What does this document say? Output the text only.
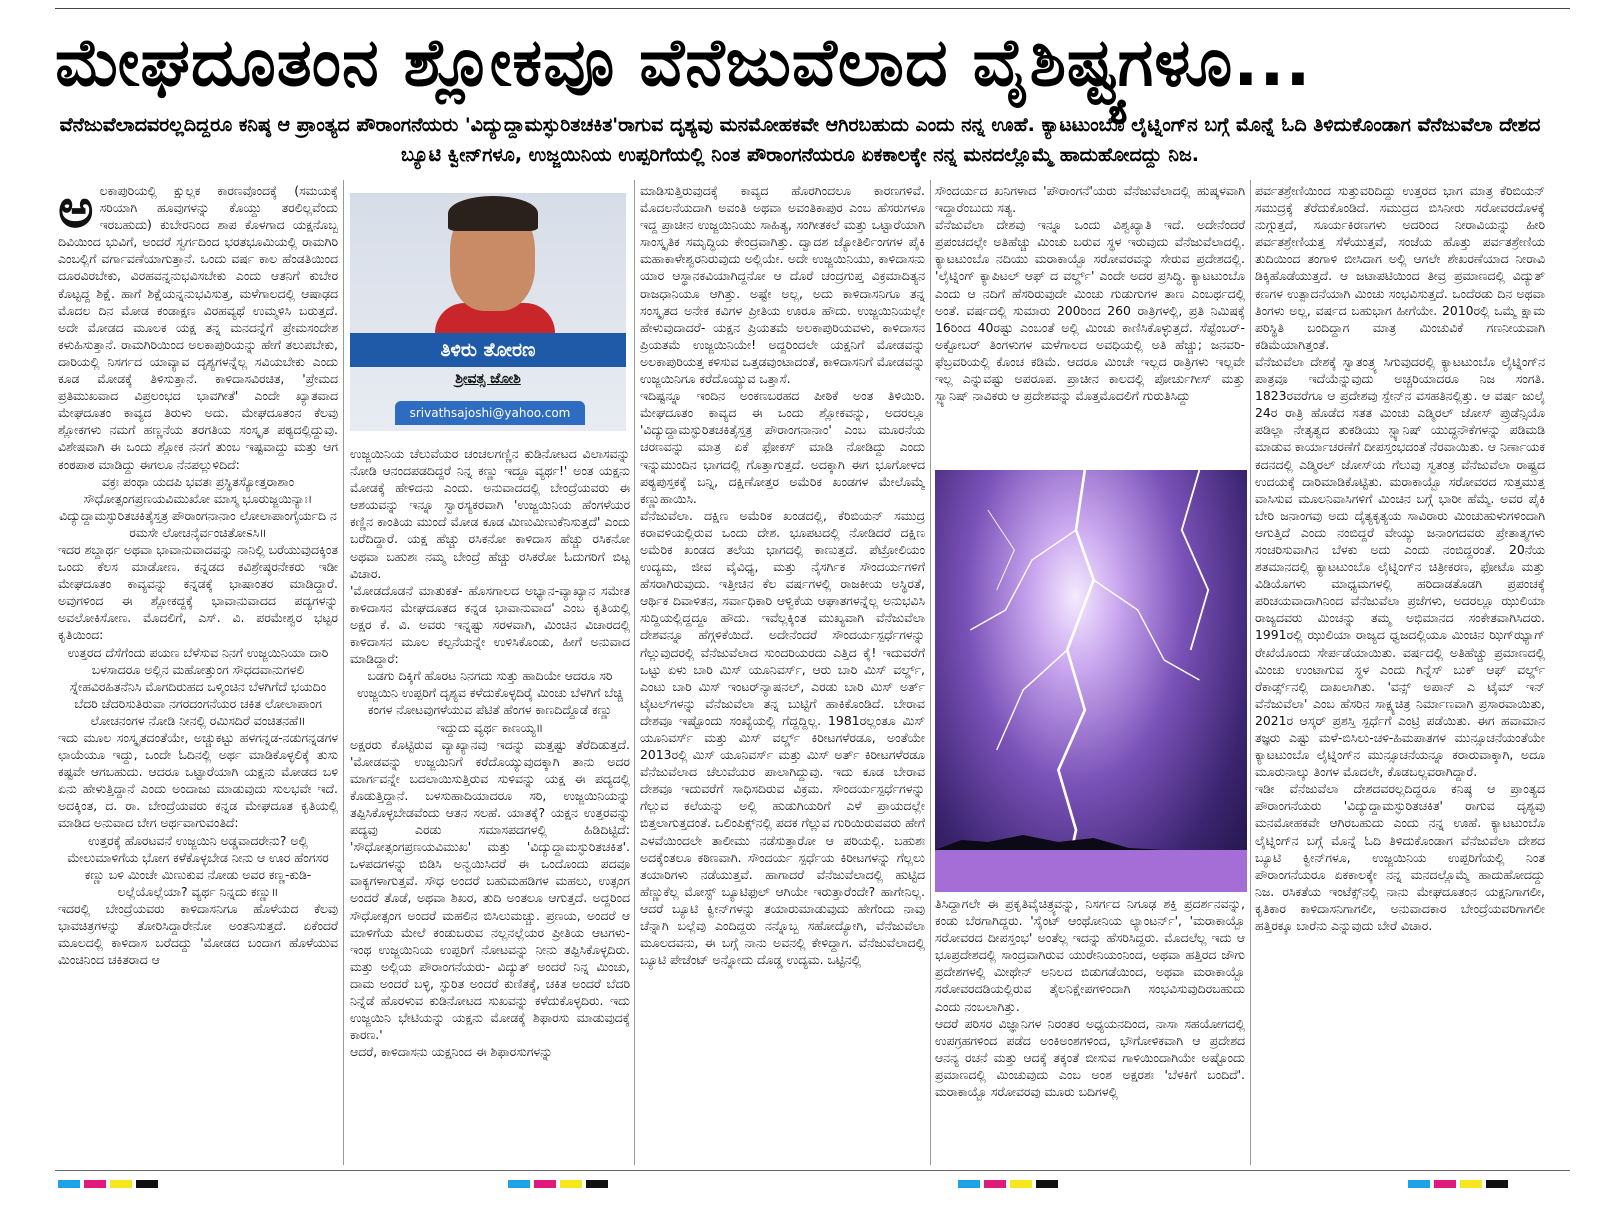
ಮೇಘದೂತಂನ ಶ್ಲೋಕವೂ ವೆನೆಜುವೆಲಾದ ವೈಶಿಷ್ಟ್ಯಗಳೂ...
ವೆನೆಜುವೆಲಾದವರಲ್ಲದಿದ್ದರೂ ಕನಿಷ್ಠ ಆ ಪ್ರಾಂತ್ಯದ ಪೌರಾಂಗನೆಯರು 'ವಿದ್ಯುದ್ದಾಮಸ್ಫುರಿತಚಕಿತ'ರಾಗುವ ದೃಶ್ಯವು ಮನಮೋಹಕವೇ ಆಗಿರಬಹುದು ಎಂದು ನನ್ನ ಊಹೆ. ಕ್ಯಾಟಟುಂಬೊ ಲೈಟ್ನಿಂಗ್‌ನ ಬಗ್ಗೆ ಮೊನ್ನೆ ಓದಿ ತಿಳಿದುಕೊಂಡಾಗ ವೆನೆಜುವೆಲಾ ದೇಶದ ಬ್ಯೂಟಿ ಕ್ವೀನ್‌ಗಳೂ, ಉಜ್ಜಯಿನಿಯ ಉಪ್ಪರಿಗೆಯಲ್ಲಿ ನಿಂತ ಪೌರಾಂಗನೆಯರೂ ಏಕಕಾಲಕ್ಕೇ ನನ್ನ ಮನದಲ್ಲೊಮ್ಮೆ ಹಾದುಹೋದದ್ದು ನಿಜ.
ಅ ಲಕಾಪುರಿಯಲ್ಲಿ ಕ್ಷುಲ್ಲಕ ಕಾರಣವೊಂದಕ್ಕೆ (ಸಮಯಕ್ಕೆ ಸರಿಯಾಗಿ ಹೂವುಗಳನ್ನು ಕೊಯ್ದು ತರಲಿಲ್ಲವೆಂದು ಇರಬಹುದು) ಕುಬೇರನಿಂದ ಶಾಪ ಕೊಳಗಾದ ಯಕ್ಷನೊಬ್ಬ ದಿವಿಯಿಂದ ಭುವಿಗೆ, ಅಂದರೆ ಸ್ವರ್ಗದಿಂದ ಭರತಭೂಮಿಯಲ್ಲಿ ರಾಮಗಿರಿ ಎಂಬಲ್ಲಿಗೆ ವರ್ಗಾವಣೆಯಾಗುತ್ತಾನೆ. ಒಂದು ವರ್ಷ ಕಾಲ ಹೆಂಡತಿಯಿಂದ ದೂರವಿರಬೇಕು, ವಿರಹವನ್ನನುಭವಿಸಬೇಕು ಎಂದು ಆತನಿಗೆ ಕುಬೇರ ಕೊಟ್ಟದ್ದ ಶಿಕ್ಷೆ. ಹಾಗೆ ಶಿಕ್ಷೆಯನ್ನನುಭವಿಸುತ್ತ, ಮಳೆಗಾಲದಲ್ಲಿ ಆಷಾಢದ ಮೊದಲ ದಿನ ಮೋಡ ಕಂಡಾಕ್ಷಣ ವಿರಹವ್ಯಥೆ ಉಮ್ಮಳಿಸಿ ಬರುತ್ತದೆ. ಅದೇ ಮೋಡದ ಮೂಲಕ ಯಕ್ಷ ತನ್ನ ಮನದನ್ನೆಗೆ ಪ್ರೇಮಸಂದೇಶ ಕಳುಹಿಸುತ್ತಾನೆ. ರಾಮಗಿರಿಯಿಂದ ಅಲಕಾಪುರಿಯನ್ನು ಹೇಗೆ ತಲುಪಬೇಕು, ದಾರಿಯಲ್ಲಿ ನಿಸರ್ಗದ ಯಾವ್ಯಾವ ದೃಶ್ಯಗಳನ್ನೆಲ್ಲ ಸವಿಯಬೇಕು ಎಂದು ಕೂಡ ಮೋಡಕ್ಕೆ ತಿಳಿಸುತ್ತಾನೆ. ಕಾಳಿದಾಸವಿರಚಿತ, 'ಪ್ರೇಮದ ಪ್ರತಿಮುಖವಾದ ವಿಪ್ರಲಂಭದ ಭಾವಗೀತೆ' ಎಂದೇ ಖ್ಯಾತವಾದ ಮೇಘದೂತಂ ಕಾವ್ಯದ ತಿರುಳು ಅದು. ಮೇಘದೂತಂನ ಕೆಲವು ಶ್ಲೋಕಗಳು ನಮಗೆ ಹಣ್ಣನೆಯ ತರಗತಿಯ ಸಂಸ್ಕೃತ ಪಠ್ಯದಲ್ಲಿದ್ದುವು. ವಿಶೇಷವಾಗಿ ಈ ಒಂದು ಶ್ಲೋಕ ನನಗೆ ತುಂಬ ಇಷ್ಟವಾದ್ದು ಮತ್ತು ಆಗ ಕಂಠಪಾಠ ಮಾಡಿದ್ದು ಈಗಲೂ ನೆನಪಲ್ಲುಳಿದಿದೆ:

ವಕ್ರಃ ಪಂಥಾ ಯದಪಿ ಭವತಃ ಪ್ರಸ್ಥಿತಸ್ಯೋತ್ತರಾಶಾಂ ಸೌಧೋತ್ಸಂಗಪ್ರಣಯವಿಮುಖೋ ಮಾಸ್ಮ ಭೂರುಜ್ಜಯಿನ್ಯಾಃ। ವಿದ್ಯುದ್ದಾಮಸ್ಫುರಿತಚಕಿತೈಸ್ತತ್ರ ಪೌರಾಂಗನಾನಾಂ ಲೋಲಾಪಾಂಗೈರ್ಯದಿ ನ ರಮಸೇ ಲೋಚನೈರ್ವಂಚಿತೋಽಸಿ॥

ಇದರ ಶಬ್ದಾರ್ಥ ಅಥವಾ ಭಾವಾನುವಾದವನ್ನು ನಾನಿಲ್ಲಿ ಬರೆಯುವುದಕ್ಕಿಂತ ಒಂದು ಕೆಲಸ ಮಾಡೋಣ. ಕನ್ನಡದ ಕವಿಶ್ರೇಷ್ಠರನೇಕರು ಇಡೀ ಮೇಘದೂತಂ ಕಾವ್ಯವನ್ನು ಕನ್ನಡಕ್ಕೆ ಭಾಷಾಂತರ ಮಾಡಿದ್ದಾರೆ. ಅವುಗಳಿಂದ ಈ ಶ್ಲೋಕದ್ದಕ್ಕೆ ಭಾವಾನುವಾದದ ಪದ್ಯಗಳನ್ನು ಅವಲೋಕಿಸೋಣ. ಮೊದಲಿಗೆ, ಎಸ್. ವಿ. ಪರಮೇಶ್ವರ ಭಟ್ಟರ ಕೃತಿಯಿಂದ:

ಉತ್ತರದ ದೆಸೆಗೆಂದು ಪಯಣ ಬೆಳೆಸುವ ನಿನಗೆ ಉಜ್ಜಯಿನಿಯಾ ದಾರಿ ಬಳಸಾದರೂ ಅಲ್ಲಿನ ಮಹೋತ್ತುಂಗ ಸೌಧದವಾನುಗಳಲಿ ಸ್ನೇಹವಿರಹಿತನೆನಿಸಿ ಮೊಗದಿರುಹದ ಒಳ್ಮಿಂಚಿನ ಬೆಳಗಿಗೆದೆ ಭಯದಿಂ ಬೆದರಿ ಚೆದರಿಸುತಿರುವಾ ನಗರದಂಗನೆಯರ ಚಕಿತ ಲೋಲಾಪಾಂಗ ಲೋಚನಂಗಳ ನೋಡಿ ನೀನಲ್ಲಿ ರಮಿಸದಿರೆ ವಂಚಿತನಹೆ॥

ಇದು ಮೂಲ ಸಂಸ್ಕೃತದಂತೆಯೇ, ಅಚ್ಚುಕಟ್ಟು ಹಳಗನ್ನಡ-ನಡುಗನ್ನಡಗಳ ಛಾಯೆಯೂ ಇದ್ದು, ಒಂದೇ ಓದಿನಲ್ಲಿ ಅರ್ಥ ಮಾಡಿಕೊಳ್ಳಲಿಕ್ಕೆ ತುಸು ಕಷ್ಟವೇ ಆಗಬಹುದು. ಆದರೂ ಒಟ್ಟಾರೆಯಾಗಿ ಯಕ್ಷನು ಮೋಡದ ಬಳಿ ಏನು ಹೇಳುತ್ತಿದ್ದಾನೆ ಎಂದು ಅಂದಾಜು ಮಾಡುವುದು ಸುಲಭವೇ ಇದೆ. ಅದಕ್ಕಿಂತ, ದ. ರಾ. ಬೇಂದ್ರೆಯವರು ಕನ್ನಡ ಮೇಘದೂತ ಕೃತಿಯಲ್ಲಿ ಮಾಡಿದ ಅನುವಾದ ಬೇಗ ಅರ್ಥವಾಗುವಂತಿದೆ:

ಉತ್ತರಕ್ಕೆ ಹೊರಟವನೆ ಉಜ್ಜಯಿನಿ ಅಡ್ಡವಾದರೇನು? ಅಲ್ಲಿ ಮೇಲುಮಾಳಿಗೆಯ ಭೋಗ ಕಳೆಕೊಳ್ಳಬೇಡ ನೀನು ಆ ಊರ ಹೆಂಗಸರ ಕಣ್ಣು ಬಳಿ ಮಿಂಚೇ ಮಿಣುಕುವ ನೋಡು ಅವರ ಕಣ್ಣ-ಕುಡಿ-ಲಲ್ಲೆಯೊಲ್ಲೆಯಾ? ವ್ಯರ್ಥ ನಿನ್ನದು ಕಣ್ಣು॥

ಇದರಲ್ಲಿ ಬೇಂದ್ರೆಯವರು ಕಾಳಿದಾಸನಿಗೂ ಹೊಳೆಯದ ಕೆಲವು ಭಾವಚಿತ್ರಗಳನ್ನು ತೋರಿಸಿದ್ದಾರೇನೋ ಅಂತನಿಸುತ್ತದೆ. ಏಕೆಂದರೆ ಮೂಲದಲ್ಲಿ ಕಾಳಿದಾಸ ಬರೆದದ್ದು 'ಮೋಡದ ಬಂದಾಗ ಹೊಳೆಯುವ ಮಿಂಚಿನಿಂದ ಚಕಿತರಾದ ಆ

ತಿಳಿರು ತೋರಣ
ಶ್ರೀವತ್ಸ ಜೋಶಿ
srivathsajoshi@yahoo.com

ಉಜ್ಜಯಿನಿಯ ಚೆಲುವೆಯರ ಚಂಚಲಗಣ್ಣಿನ ಕುಡಿನೋಟದ ವಿಲಾಸವನ್ನು ನೋಡಿ ಆನಂದಪಡದಿದ್ದರೆ ನಿನ್ನ ಕಣ್ಣು ಇದ್ದೂ ವ್ಯರ್ಥ!' ಅಂತ ಯಕ್ಷನು ಮೋಡಕ್ಕೆ ಹೇಳಿದನು ಎಂದು. ಅನುವಾದದಲ್ಲಿ ಬೇಂದ್ರೆಯವರು ಈ ಆಶಯವನ್ನು ಇನ್ನೂ ಸ್ವಾರಸ್ಯಕರವಾಗಿ 'ಉಜ್ಜಯಿನಿಯ ಹೆಂಗಳೆಯರ ಕಣ್ಣಿನ ಕಾಂತಿಯ ಮುಂದೆ ಮೋಡ ಕೂಡ ಮಿಣುಮಿಣುಕೆನಿಸುತ್ತದೆ' ಎಂದು ಬರೆದಿದ್ದಾರೆ. ಯಕ್ಷ ಹೆಚ್ಚು ರಸಿಕನೋ ಕಾಳಿದಾಸ ಹೆಚ್ಚು ರಸಿಕನೋ ಅಥವಾ ಬಹುಶಃ ನಮ್ಮ ಬೇಂದ್ರೆ ಹೆಚ್ಚು ರಸಿಕರೋ ಓದುಗರಿಗೆ ಬಿಟ್ಟ ವಿಚಾರ.

'ಮೋಡದೊಡನೆ ಮಾತುಕತೆ- ಹೊಸಗಾಲದ ಅಭ್ಯಾನ-ವ್ಯಾಖ್ಯಾನ ಸಮೇತ ಕಾಳಿದಾಸನ ಮೇಘದೂತದ ಕನ್ನಡ ಭಾವಾನುವಾದ' ಎಂಬ ಕೃತಿಯಲ್ಲಿ ಅಕ್ಷರ ಕೆ. ವಿ. ಅವರು ಇನ್ನಷ್ಟು ಸರಳವಾಗಿ, ಮಿಂಚಿನ ವಿಚಾರದಲ್ಲಿ ಕಾಳಿದಾಸನ ಮೂಲ ಕಲ್ಪನೆಯನ್ನೇ ಉಳಿಸಿಕೊಂಡು, ಹೀಗೆ ಅನುವಾದ ಮಾಡಿದ್ದಾರೆ:

ಬಡಗು ದಿಕ್ಕಿಗೆ ಹೊರಟ ನಿನಗದು ಸುತ್ತು ಹಾದಿಯೇ ಆದರೂ ಸರಿ ಉಜ್ಜಯಿನಿ ಉಪ್ಪರಿಗೆ ದೃಶ್ಯವ ಕಳೆದುಕೊಳ್ಳದಿರೈ ಮಿಂಚು ಬೆಳಗಿಗೆ ಬೆಚ್ಚಿ ಕಂಗಳ ನೋಟವುಗಳೆಯುವ ಪೆಟಿತೆ ಹೆಂಗಳ ಕಾಣದಿದ್ದೊಡೆ ಕಣ್ಣು ಇದ್ದುದು ವ್ಯರ್ಥ ಕಾಣಯ್ಯ॥

ಅಕ್ಷರರು ಕೊಟ್ಟಿರುವ ವ್ಯಾಖ್ಯಾನವು ಇದನ್ನು ಮತ್ತಷ್ಟು ತೆರೆದಿಡುತ್ತದೆ. 'ಮೋಡವನ್ನು ಉಜ್ಜಯಿನಿಗೆ ಕರೆದೊಯ್ಯುವುದಕ್ಕಾಗಿ ತಾನು ಅದರ ಮಾರ್ಗವನ್ನೇ ಬದಲಾಯಿಸುತ್ತಿರುವ ಸುಳಿವನ್ನು ಯಕ್ಷ ಈ ಪದ್ಯದಲ್ಲಿ ಕೊಡುತ್ತಿದ್ದಾನೆ. ಬಳಸುಹಾದಿಯಾದರೂ ಸರಿ, ಉಜ್ಜಯಿನಿಯನ್ನು ತಪ್ಪಿಸಿಕೊಳ್ಳಬೇಡವೆಂದು ಆತನ ಸಲಹೆ. ಯಾತಕ್ಕೆ? ಯಕ್ಷನ ಉತ್ತರವನ್ನು ಪದ್ಯವು ಎರಡು ಸಮಾಸಪದಗಳಲ್ಲಿ ಹಿಡಿದಿಟ್ಟಿದೆ: 'ಸೌಧೋತ್ಸಂಗಪ್ರಣಯವಿಮುಖ' ಮತ್ತು 'ವಿದ್ಯುದ್ದಾಮಸ್ಫುರಿತಚಕಿತ'. ಒಳಪದಗಳನ್ನು ಬಿಡಿಸಿ ಅನ್ವಯಿಸಿದರೆ ಈ ಒಂದೊಂದು ಪದವೂ ವಾಕ್ಯಗಳಾಗುತ್ತವೆ. ಸೌಧ ಅಂದರೆ ಬಹುಮಹಡಿಗಳ ಮಹಲು, ಉತ್ಸಂಗ ಅಂದರೆ ತೊಡೆ, ಅಥವಾ ಶಿಖರ, ತುದಿ ಅಂತಲೂ ಆಗುತ್ತದೆ. ಅದ್ದರಿಂದ ಸೌಧೋತ್ಸಂಗ ಅಂದರೆ ಮಹಲಿನ ಬಿಸಿಲುಮಚ್ಚು. ಪ್ರಣಯ, ಅಂದರೆ ಆ ಮಾಳಿಗೆಯ ಮೇಲೆ ಕಂಡುಬರುವ ನಲ್ಲನಲ್ಲೆಯರ ಪ್ರೀತಿಯ ಆಟಗಳು- ಇಂಥ ಉಜ್ಜಯಿನಿಯ ಉಪ್ಪರಿಗೆ ನೋಟವನ್ನು ನೀನು ತಪ್ಪಿಸಿಕೊಳ್ಳದಿರು. ಮತ್ತು ಅಲ್ಲಿಯ ಪೌರಾಂಗನೆಯರು- ವಿದ್ಯುತ್ ಅಂದರೆ ನಿನ್ನ ಮಿಂಚು, ದಾಮ ಅಂದರೆ ಬಳ್ಳಿ, ಸ್ಫುರಿತ ಅಂದರೆ ಕುಣಿತಕ್ಕೆ, ಚಕಿತ ಅಂದರೆ ಬೆದರಿ ನಿನ್ನೆಡೆ ಹೊರಳುವ ಕುಡಿನೋಟದ ಸುಖವನ್ನು ಕಳೆದುಕೊಳ್ಳದಿರು. ಇದು ಉಜ್ಜಯಿನಿ ಭೇಟಿಯನ್ನು ಯಕ್ಷನು ಮೋಡಕ್ಕೆ ಶಿಫಾರಸು ಮಾಡುವುದಕ್ಕೆ ಕಾರಣ.'

ಆದರೆ, ಕಾಳಿದಾಸನು ಯಕ್ಷನಿಂದ ಈ ಶಿಫಾರಸುಗಳನ್ನು

ಮಾಡಿಸುತ್ತಿರುವುದಕ್ಕೆ ಕಾವ್ಯದ ಹೊರಗಿಂದಲೂ ಕಾರಣಗಳಿವೆ. ಮೊದಲನೆಯದಾಗಿ ಅವಂತಿ ಅಥವಾ ಅವಂತಿಕಾಪುರ ಎಂಬ ಹೆಸರುಗಳೂ ಇದ್ದ ಪ್ರಾಚೀನ ಉಜ್ಜಯಿನಿಯು ಸಾಹಿತ್ಯ, ಸಂಗೀತಕಲೆ ಮತ್ತು ಒಟ್ಟಾರೆಯಾಗಿ ಸಾಂಸ್ಕೃತಿಕ ಸಮೃದ್ಧಿಯ ಕೇಂದ್ರವಾಗಿತ್ತು. ದ್ವಾದಶ ಜ್ಯೋತಿರ್ಲಿಂಗಗಳ ಪೈಕಿ ಮಹಾಕಾಳೇಶ್ವರನಿರುವುದು ಅಲ್ಲಿಯೇ. ಅದೇ ಉಜ್ಜಯಿನಿಯು, ಕಾಳಿದಾಸನು ಯಾರ ಆಸ್ಥಾನಕವಿಯಾಗಿದ್ದನೋ ಆ ದೊರೆ ಚಂದ್ರಗುಪ್ತ ವಿಕ್ರಮಾದಿತ್ಯನ ರಾಜಧಾನಿಯೂ ಆಗಿತ್ತು. ಅಷ್ಟೇ ಅಲ್ಲ, ಅದು ಕಾಳಿದಾಸನಿಗೂ ತನ್ನ ಸಂಸ್ಕೃತದ ಅನೇಕ ಕವಿಗಳ ಪ್ರೀತಿಯ ಊರೂ ಹೌದು. ಉಜ್ಜಯಿನಿಯಲ್ಲೇ ಹೇಳುವುದಾದರೆ- ಯಕ್ಷನ ಪ್ರಿಯತಮೆ ಅಲಕಾಪುರಿಯವಳು, ಕಾಳಿದಾಸನ ಪ್ರಿಯತಮೆ ಉಜ್ಜಯಿನಿಯೇ! ಅದ್ದರಿಂದಲೇ ಯಕ್ಷನಿಗೆ ಮೋಡವನ್ನು ಅಲಕಾಪುರಿಯತ್ತ ಕಳಿಸುವ ಒತ್ತಡವುಂಟಾದಂತೆ, ಕಾಳಿದಾಸನಿಗೆ ಮೋಡವನ್ನು ಉಜ್ಜಯಿನಿಗೂ ಕರೆದೊಯ್ಯುವ ಒತ್ತಾಸೆ.

ಇದಿಷ್ಟನ್ನೂ ಇಂದಿನ ಅಂಕಣಬರಹದ ಪೀಠಿಕೆ ಅಂತ ತಿಳಿಯಿರಿ. ಮೇಘದೂತಂ ಕಾವ್ಯದ ಈ ಒಂದು ಶ್ಲೋಕವನ್ನು, ಅದರಲ್ಲೂ 'ವಿದ್ಯುದ್ದಾಮಸ್ಫುರಿತಚಕಿತೈಸ್ತತ್ರ ಪೌರಾಂಗನಾನಾಂ' ಎಂಬ ಮೂರನೆಯ ಚರಣವನ್ನು ಮಾತ್ರ ಏಕೆ ಫೋಕಸ್ ಮಾಡಿ ನೋಡಿದ್ದು ಎಂದು ಇನ್ನುಮುಂದಿನ ಭಾಗದಲ್ಲಿ ಗೊತ್ತಾಗುತ್ತದೆ. ಅದಕ್ಕಾಗಿ ಈಗ ಭೂಗೋಳದ ಪಠ್ಯಪುಸ್ತಕಕ್ಕೆ ಬನ್ನಿ, ದಕ್ಷಿಣೋತ್ತರ ಅಮೆರಿಕ ಖಂಡಗಳ ಮೇಲೊಮ್ಮೆ ಕಣ್ಣುಹಾಯಿಸಿ.

ವೆನೆಜುವೆಲಾ. ದಕ್ಷಿಣ ಅಮೆರಿಕ ಖಂಡದಲ್ಲಿ, ಕೆರಿಬಿಯನ್ ಸಮುದ್ರ ಕರಾವಳಿಯಲ್ಲಿರುವ ಒಂದು ದೇಶ. ಭೂಪಟದಲ್ಲಿ ನೋಡಿದರೆ ದಕ್ಷಿಣ ಅಮೆರಿಕ ಖಂಡದ ತಲೆಯ ಭಾಗದಲ್ಲಿ ಕಾಣುತ್ತದೆ. ಪೆಟ್ರೋಲಿಯಂ ಉದ್ಯಮ, ಜೀವ ವೈವಿಧ್ಯ, ಮತ್ತು ನೈಸರ್ಗಿಕ ಸೌಂದರ್ಯಗಳಿಗೆ ಹೆಸರಾಗಿರುವುದು. ಇತ್ತೀಚಿನ ಕೆಲ ವರ್ಷಗಳಲ್ಲಿ ರಾಜಕೀಯ ಅಸ್ಥಿರತೆ, ಆರ್ಥಿಕ ದಿವಾಳಿತನ, ಸರ್ವಾಧಿಕಾರಿ ಆಳ್ವಿಕೆಯ ಆಘಾತಗಳನ್ನೆಲ್ಲ ಅನುಭವಿಸಿ ಸುದ್ದಿಯಲ್ಲಿದ್ದದ್ದೂ ಹೌದು. ಇವೆಲ್ಲಕ್ಕಿಂತ ಮುಖ್ಯವಾಗಿ ವೆನೆಜುವೆಲಾ ದೇಶವನ್ನೂ ಹೆಗ್ಗಳಿಕೆಯಿದೆ. ಅದೇನೆಂದರೆ ಸೌಂದರ್ಯಸ್ಪರ್ಧೆಗಳನ್ನು ಗೆಲ್ಲುವುದರಲ್ಲಿ ವೆನೆಜುವೆಲಾದ ಸುಂದರಿಯರದು ಎತ್ತಿದ ಕೈ! ಇದುವರೆಗೆ ಒಟ್ಟು ಏಳು ಬಾರಿ ಮಿಸ್ ಯೂನಿವರ್ಸ್, ಆರು ಬಾರಿ ಮಿಸ್ ವರ್ಲ್ಡ್, ಎಂಟು ಬಾರಿ ಮಿಸ್ ಇಂಟರ್‌ನ್ಯಾಷನಲ್, ಎರಡು ಬಾರಿ ಮಿಸ್ ಅರ್ತ್ ಟೈಟಲ್‌ಗಳನ್ನು ವೆನೆಜುವೆಲಾ ತನ್ನ ಬುಟ್ಟಿಗೆ ಹಾಕಿಕೊಂಡಿದೆ. ಬೇರಾವ ದೇಶವೂ ಇಷ್ಟೊಂದು ಸಂಖ್ಯೆಯಲ್ಲಿ ಗೆದ್ದದ್ದಿಲ್ಲ. 1981ರಲ್ಲಂತೂ ಮಿಸ್ ಯೂನಿವರ್ಸ್ ಮತ್ತು ಮಿಸ್ ವರ್ಲ್ಡ್ ಕಿರೀಟಗಳೆರಡೂ, ಅಂತೆಯೇ 2013ರಲ್ಲಿ ಮಿಸ್ ಯೂನಿವರ್ಸ್ ಮತ್ತು ಮಿಸ್ ಅರ್ತ್ ಕಿರೀಟಗಳೆರಡೂ ವೆನೆಜುವೆಲಾದ ಚೆಲುವೆಯರ ಪಾಲಾಗಿದ್ದುವು. ಇದು ಕೂಡ ಬೇರಾವ ದೇಶವೂ ಇದುವರೆಗೆ ಸಾಧಿಸದಿರುವ ವಿಕ್ರಮ. ಸೌಂದರ್ಯಸ್ಪರ್ಧೆಗಳನ್ನು ಗೆಲ್ಲುವ ಕಲೆಯನ್ನು ಅಲ್ಲಿ ಹುಡುಗಿಯರಿಗೆ ಎಳೆ ಪ್ರಾಯದಲ್ಲೇ ಬಿತ್ತಲಾಗುತ್ತದಂತೆ. ಒಲಿಂಪಿಕ್ಸ್‌ನಲ್ಲಿ ಪದಕ ಗೆಲ್ಲುವ ಗುರಿಯಿರುವವರು ಹೇಗೆ ಎಳವೆಯಿಂದಲೇ ತಾಲೀಮು ನಡೆಸುತ್ತಾರೋ ಆ ಪರಿಯಲ್ಲಿ. ಬಹುಶಃ ಅದಕ್ಕೆಂತಲೂ ಕಠಿಣವಾಗಿ. ಸೌಂದರ್ಯ ಸ್ಪರ್ಧೆಯ ಕಿರೀಟಗಳನ್ನು ಗೆಲ್ಲಲು ತಯಾರಿಗಳು ನಡೆಯುತ್ತವೆ. ಹಾಗಾದರೆ ವೆನೆಜುವೆಲಾದಲ್ಲಿ ಹುಟ್ಟಿದ ಹೆಣ್ಣುಕೆಲ್ಲ ಮೋಸ್ಟ್ ಬ್ಯೂಟಿಫುಲ್ ಆಗಿಯೇ ಇರುತ್ತಾರೆಂದೇ? ಹಾಗೇನಿಲ್ಲ. ಆದರೆ ಬ್ಯೂಟಿ ಕ್ವೀನ್‌ಗಳನ್ನು ತಯಾರುಮಾಡುವುದು ಹೇಗೆಂದು ನಾವು ಚೆನ್ನಾಗಿ ಬಲ್ಲೆವು ಎಂದಿದ್ದರು ನನ್ನೊಬ್ಬ ಸಹೋದ್ಯೋಗಿ, ವೆನೆಜುವೆಲಾ ಮೂಲದವನು, ಈ ಬಗ್ಗೆ ನಾನು ಅವನಲ್ಲಿ ಕೇಳಿದ್ದಾಗ. ವೆನೆಜುವೆಲಾದಲ್ಲಿ ಬ್ಯೂಟಿ ಪೇಜೆಂಟ್ ಅನ್ನೋದು ದೊಡ್ಡ ಉದ್ಯಮ. ಒಟ್ಟಿನಲ್ಲಿ

ಸೌಂದರ್ಯದ ಖನಿಗಳಾದ 'ಪೌರಾಂಗನೆ'ಯರು ವೆನೆಜುವೆಲಾದಲ್ಲಿ ಹುಷ್ಕಳವಾಗಿ ಇದ್ದಾರೆಂಬುದು ಸತ್ಯ.

ವೆನೆಜುವೆಲಾ ದೇಶವು ಇನ್ನೂ ಒಂದು ವಿಶ್ವಖ್ಯಾತಿ ಇದೆ. ಅದೇನೆಂದರೆ ಪ್ರಪಂಚದಲ್ಲೇ ಅತಿಹೆಚ್ಚು ಮಿಂಚು ಬರುವ ಸ್ಥಳ ಇರುವುದು ವೆನೆಜುವೆಲಾದಲ್ಲಿ. ಕ್ಯಾಟಟುಂಬೊ ನದಿಯು ಮರಾಕಾಯ್ಬೊ ಸರೋವರವನ್ನು ಸೇರುವ ಪ್ರದೇಶದಲ್ಲಿ. 'ಲೈಟ್ನಿಂಗ್ ಕ್ಯಾಪಿಟಲ್ ಆಫ್ ದ ವರ್ಲ್ಡ್' ಎಂದೇ ಅದರ ಪ್ರಸಿದ್ಧಿ. ಕ್ಯಾಟಟುಂಬೊ ಎಂದು ಆ ನದಿಗೆ ಹೆಸರಿರುವುದೇ ಮಿಂಚು ಗುಡುಗುಗಳ ತಾಣ ಎಂಬರ್ಥದಲ್ಲಿ ಅಂತೆ. ವರ್ಷದಲ್ಲಿ ಸುಮಾರು 200ರಿಂದ 260 ರಾತ್ರಿಗಳಲ್ಲಿ, ಪ್ರತಿ ನಿಮಿಷಕ್ಕೆ 16ರಿಂದ 40ರಷ್ಟು ಎಂಬಂತೆ ಅಲ್ಲಿ ಮಿಂಚು ಕಾಣಿಸಿಕೊಳ್ಳುತ್ತದೆ. ಸೆಪ್ಟೆಂಬರ್-ಅಕ್ಟೋಬರ್ ತಿಂಗಳುಗಳ ಮಳೆಗಾಲದ ಅವಧಿಯಲ್ಲಿ ಅತಿ ಹೆಚ್ಚು; ಜನವರಿ-ಫೆಬ್ರವರಿಯಲ್ಲಿ ಕೊಂಚ ಕಡಿಮೆ. ಆದರೂ ಮಿಂಚೇ ಇಲ್ಲದ ರಾತ್ರಿಗಳು ಇಲ್ಲವೇ ಇಲ್ಲ ಎನ್ನುವಷ್ಟು ಅಪರೂಪ. ಪ್ರಾಚೀನ ಕಾಲದಲ್ಲಿ ಪೋರ್ಚುಗೀಸ್ ಮತ್ತು ಸ್ಪ್ಯಾನಿಷ್ ನಾವಿಕರು ಆ ಪ್ರದೇಶವನ್ನು ಮೊತ್ತಮೊದಲಿಗೆ ಗುರುತಿಸಿದ್ದು

ತಿಸಿದ್ದಾಗಲೇ ಈ ಪ್ರಕೃತಿವೈಚಿತ್ರ್ಯವನ್ನು, ನಿಸರ್ಗದ ನಿಗೂಢ ಶಕ್ತಿ ಪ್ರದರ್ಶನವನ್ನು, ಕಂಡು ಬೆರಗಾಗಿದ್ದರು. 'ಸೈಂಟ್ ಆಂಥೋನಿಯ ಲ್ಯಾಂಟರ್ನ್', 'ಮರಾಕಾಯ್ಬೊ ಸರೋವರದ ದೀಪಸ್ತಂಭ' ಅಂತೆಲ್ಲ ಇದನ್ನು ಹೆಸರಿಸಿದ್ದರು. ಮೊದಲೆಲ್ಲ ಇದು ಆ ಭೂಪ್ರದೇಶದಲ್ಲಿ ಸಾಂದ್ರವಾಗಿರುವ ಯುರೇನಿಯಂನಿಂದ, ಅಥವಾ ಹತ್ತಿರದ ಜೌಗು ಪ್ರದೇಶಗಳಲ್ಲಿ ಮೀಥೇನ್ ಅನಿಲದ ಬಿಡುಗಡೆಯಿಂದ, ಅಥವಾ ಮರಾಕಾಯ್ಬೊ ಸರೋವರದಡಿಯಲ್ಲಿರುವ ತೈಲನಿಕ್ಷೇಪಗಳಿಂದಾಗಿ ಸಂಭವಿಸುವುದಿರಬಹುದು ಎಂದು ನಂಬಲಾಗಿತ್ತು.

ಆದರೆ ಪರಿಸರ ವಿಜ್ಞಾನಿಗಳ ನಿರಂತರ ಅಧ್ಯಯನದಿಂದ, ನಾಸಾ ಸಹಯೋಗದಲ್ಲಿ ಉಪಗ್ರಹಗಳಿಂದ ಪಡೆದ ಅಂಕಿಅಂಶಗಳಿಂದ, ಭೌಗೋಳಿಕವಾಗಿ ಆ ಪ್ರದೇಶದ ಆನನ್ಯ ರಚನೆ ಮತ್ತು ಆದಕ್ಕೆ ತಕ್ಕಂತೆ ಬೀಸುವ ಗಾಳಿಯಿಂದಾಗಿಯೇ ಅಷ್ಟೊಂದು ಪ್ರಮಾಣದಲ್ಲಿ ಮಿಂಚುವುದು ಎಂಬ ಅಂಶ ಅಕ್ಷರಶಃ 'ಬೆಳಕಿಗೆ ಬಂದಿದೆ'. ಮರಾಕಾಯ್ಬೊ ಸರೋವರವು ಮೂರು ಬದಿಗಳಲ್ಲಿ

ಪರ್ವತಶ್ರೇಣಿಯಿಂದ ಸುತ್ತುವರಿದಿದ್ದು ಉತ್ತರದ ಭಾಗ ಮಾತ್ರ ಕೆರಿಬಿಯನ್ ಸಮುದ್ರಕ್ಕೆ ತೆರೆದುಕೊಂಡಿದೆ. ಸಮುದ್ರದ ಬಿಸಿನೀರು ಸರೋವರದೊಳಕ್ಕೆ ನುಗ್ಗುತ್ತದೆ, ಸೂರ್ಯಕಿರಣಗಳು ಅದರಿಂದ ನೀರಾವಿಯನ್ನು ಹೀರಿ ಪರ್ವತಶ್ರೇಣಿಯತ್ತ ಸೆಳೆಯುತ್ತವೆ, ಸಂಜೆಯ ಹೊತ್ತು ಪರ್ವತಶ್ರೇಣಿಯ ತುದಿಯಿಂದ ತಂಗಾಳಿ ಬೀಸಿದಾಗ ಅಲ್ಲಿ ಆಗಲೇ ಶೇಖರಣೆಯಾದ ನೀರಾವಿ ಡಿಕ್ಕಿಹೊಡೆಯುತ್ತದೆ. ಆ ಜಟಾಪಟಿಯಿಂದ ತೀವ್ರ ಪ್ರಮಾಣದಲ್ಲಿ ವಿದ್ಯುತ್ ಕಣಗಳ ಉತ್ಪಾದನೆಯಾಗಿ ಮಿಂಚು ಸಂಭವಿಸುತ್ತದೆ. ಒಂದೆರಡು ದಿನ ಅಥವಾ ತಿಂಗಳು ಅಲ್ಲ, ವರ್ಷದ ಬಹುಭಾಗ ಹೀಗೆಯೇ. 2010ರಲ್ಲಿ ಒಮ್ಮೆ ಕ್ಷಾಮ ಪರಿಸ್ಥಿತಿ ಬಂದಿದ್ದಾಗ ಮಾತ್ರ ಮಿಂಚುವಿಕೆ ಗಣನೀಯವಾಗಿ ಕಡಿಮೆಯಾಗಿತ್ತಂತೆ.

ವೆನೆಜುವೆಲಾ ದೇಶಕ್ಕೆ ಸ್ವಾತಂತ್ರ್ಯ ಸಿಗುವುದರಲ್ಲಿ ಕ್ಯಾಟಟುಂಬೊ ಲೈಟ್ನಿಂಗ್‌ನ ಪಾತ್ರವೂ ಇದೆಯೆನ್ನುವುದು ಅಚ್ಚರಿಯಾದರೂ ನಿಜ ಸಂಗತಿ. 1823ರವರೆಗೂ ಆ ಪ್ರದೇಶವು ಸ್ಪೇನ್‌ನ ವಸಹತಿನಲ್ಲಿತ್ತು. ಆ ವರ್ಷ ಜುಲೈ 24ರ ರಾತ್ರಿ ಹೊಡೆದ ಸತತ ಮಿಂಚು ಎಡ್ಮಿರಲ್ ಜೋಸ್ ಪ್ರುಡೆನ್ಸಿಯೊ ಪಡಿಲ್ಲಾ ನೇತೃತ್ವದ ತುಕಡಿಯು ಸ್ಪ್ಯಾನಿಷ್ ಯುದ್ಧನೌಕೆಗಳನ್ನು ಪಡಿಮಡಿ ಮಾಡುವ ಕಾರ್ಯಾಚರಣೆಗೆ ದೀಪಸ್ತಂಭದಂತೆ ನೆರವಾಯಿತು. ಆ ನಿರ್ಣಾಯಕ ಕದನದಲ್ಲಿ ಎಡ್ಮಿರಲ್ ಜೋಸ್‌ಯ ಗೆಲುವು ಸ್ವತಂತ್ರ ವೆನೆಜುವೆಲಾ ರಾಷ್ಟ್ರದ ಉದಯಕ್ಕೆ ದಾರಿಮಾಡಿಕೊಟ್ಟಿತು. ಮರಾಕಾಯ್ಬೊ ಸರೋವರದ ಸುತ್ತಮುತ್ತ ವಾಸಿಸುವ ಮೂಲನಿವಾಸಿಗಳಿಗೆ ಮಿಂಚಿನ ಬಗ್ಗೆ ಭಾರೀ ಹೆಮ್ಮೆ. ಅವರ ಪೈಕಿ ಬೇರಿ ಜನಾಂಗವು ಅದು ದೈತ್ಯಕೃತ್ಯಯ ಸಾವಿರಾರು ಮಿಂಚುಹುಳುಗಳಿಂದಾಗಿ ಆಗುತ್ತಿದೆ ಎಂದು ನಂಬಿದ್ದರೆ ವೇಯ್ಯು ಜನಾಂಗದವರು ಪ್ರೇತಾತ್ಮಗಳು ಸಂಚರಿಸುವಾಗಿನ ಬೆಳಕು ಅದು ಎಂದು ನಂಬಿದ್ದರಂತೆ. 20ನೆಯ ಶತಮಾನದಲ್ಲಿ ಕ್ಯಾಟಟುಂಬೊ ಲೈಟ್ನಿಂಗ್‌ನ ಚಿತ್ರೀಕರಣ, ಫೋಟೊ ಮತ್ತು ವಿಡಿಯೊಗಳು ಮಾಧ್ಯಮಗಳಲ್ಲಿ ಹರಿದಾಡತೊಡಗಿ ಪ್ರಪಂಚಕ್ಕೆ ಪರಿಚಯವಾದಾಗಿನಿಂದ ವೆನೆಜುವೆಲಾ ಪ್ರಜೆಗಳು, ಅದರಲ್ಲೂ ಝುಲಿಯಾ ರಾಜ್ಯದವರು ಮಿಂಚನ್ನು ತಮ್ಮ ಅಭಿಮಾನದ ಸಂಕೇತವಾಗಿಸಿದರು. 1991ರಲ್ಲಿ ಝುಲಿಯಾ ರಾಜ್ಯದ ಧ್ವಜದಲ್ಲಿಯೂ ಮಿಂಚಿನ ಝಿಗ್‌ಝ್ಯಾಗ್ ರೇಖೆಯೊಂದು ಸೇರ್ಪಡೆಯಾಯಿತು. ವರ್ಷದಲ್ಲಿ ಅತಿಹೆಚ್ಚು ಪ್ರಮಾಣದಲ್ಲಿ ಮಿಂಚು ಉಂಟಾಗುವ ಸ್ಥಳ ಎಂದು ಗಿನ್ನೆಸ್ ಬುಕ್ ಆಫ್ ವರ್ಲ್ಡ್ ರೆಕಾರ್ಡ್ಸ್‌ನಲ್ಲಿ ದಾಖಲಾಗಿತು. 'ವನ್ಸ್ ಅಪಾನ್ ಎ ಟೈಮ್ ಇನ್ ವೆನೆಜುವೆಲಾ' ಎಂಬ ಹೆಸರಿನ ಸಾಕ್ಷ್ಯಚಿತ್ರ ನಿರ್ಮಾಣವಾಗಿ ಪ್ರಸಾರವಾಯಿತು, 2021ರ ಆಸ್ಕರ್ ಪ್ರಶಸ್ತಿ ಸ್ಪರ್ಧೆಗೆ ಎಂಟ್ರಿ ಪಡೆಯಿತು. ಈಗ ಹವಾಮಾನ ತಜ್ಞರು ಎಷ್ಟು ಮಳೆ-ಬಿಸಿಲು-ಚಳಿ-ಹಿಮಪಾತಗಳ ಮುನ್ಸೂಚನೆಯಂತೆಯೇ ಕ್ಯಾಟಟುಂಬೊ ಲೈಟ್ನಿಂಗ್‌ನ ಮುನ್ಸೂಚನೆಯನ್ನೂ ಕರಾರುವಾಕ್ಕಾಗಿ, ಅದೂ ಮೂರುನಾಲ್ಕು ತಿಂಗಳ ಮೊದಲೇ, ಕೊಡಬಲ್ಲವರಾಗಿದ್ದಾರೆ.

ಇಡೀ ವೆನೆಜುವೆಲಾ ದೇಶದವರಲ್ಲದಿದ್ದರೂ ಕನಿಷ್ಠ ಆ ಪ್ರಾಂತ್ಯದ ಪೌರಾಂಗನೆಯರು 'ವಿದ್ಯುದ್ದಾಮಸ್ಫುರಿತಚಕಿತ' ರಾಗುವ ದೃಶ್ಯವು ಮನಮೋಹಕವೇ ಆಗಿರಬಹುದು ಎಂದು ನನ್ನ ಊಹೆ. ಕ್ಯಾಟಟುಂಬೊ ಲೈಟ್ನಿಂಗ್‌ನ ಬಗ್ಗೆ ಮೊನ್ನೆ ಓದಿ ತಿಳಿದುಕೊಂಡಾಗ ವೆನೆಜುವೆಲಾ ದೇಶದ ಬ್ಯೂಟಿ ಕ್ವೀನ್‌ಗಳೂ, ಉಜ್ಜಯಿನಿಯ ಉಪ್ಪರಿಗೆಯಲ್ಲಿ ನಿಂತ ಪೌರಾಂಗನೆಯರೂ ಏಕಕಾಲಕ್ಕೇ ನನ್ನ ಮನದಲ್ಲೊಮ್ಮೆ ಹಾದುಹೋದದ್ದು ನಿಜ. ರಸಿಕತೆಯ ಇಂಟೆಕ್ಸ್‌ನಲ್ಲಿ ನಾನು ಮೇಘದೂತಂನ ಯಕ್ಷನಿಗಾಗಲೀ, ಕೃತಿಕಾರ ಕಾಳಿದಾಸನಿಗಾಗಲೀ, ಅನುವಾದಕಾರ ಬೇಂದ್ರೆಯವರಿಗಾಗಲೀ ಹತ್ತಿರಕ್ಕೂ ಬಾರೆನು ಎನ್ನುವುದು ಬೇರೆ ವಿಚಾರ.
